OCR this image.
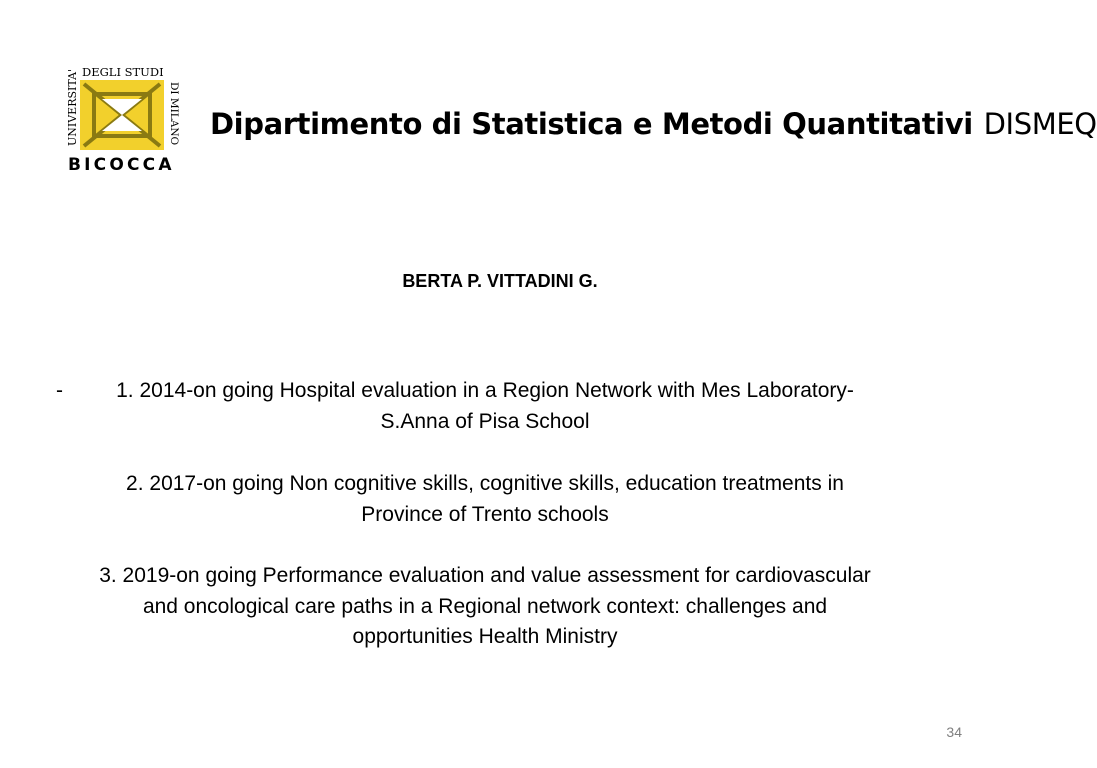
UNIVERSITA' DEGLI STUDI
DI MILANO
BICOCCA
Dipartimento di Statistica e Metodi Quantitativi DISMEQ
BERTA P. VITTADINI G.
-	1. 2014-on going Hospital evaluation in a Region Network with Mes Laboratory-
S.Anna of Pisa School
2. 2017-on going Non cognitive skills, cognitive skills, education treatments in
Province of Trento schools
3. 2019-on going Performance evaluation and value assessment for cardiovascular
and oncological care paths in a Regional network context: challenges and
opportunities Health Ministry
34
